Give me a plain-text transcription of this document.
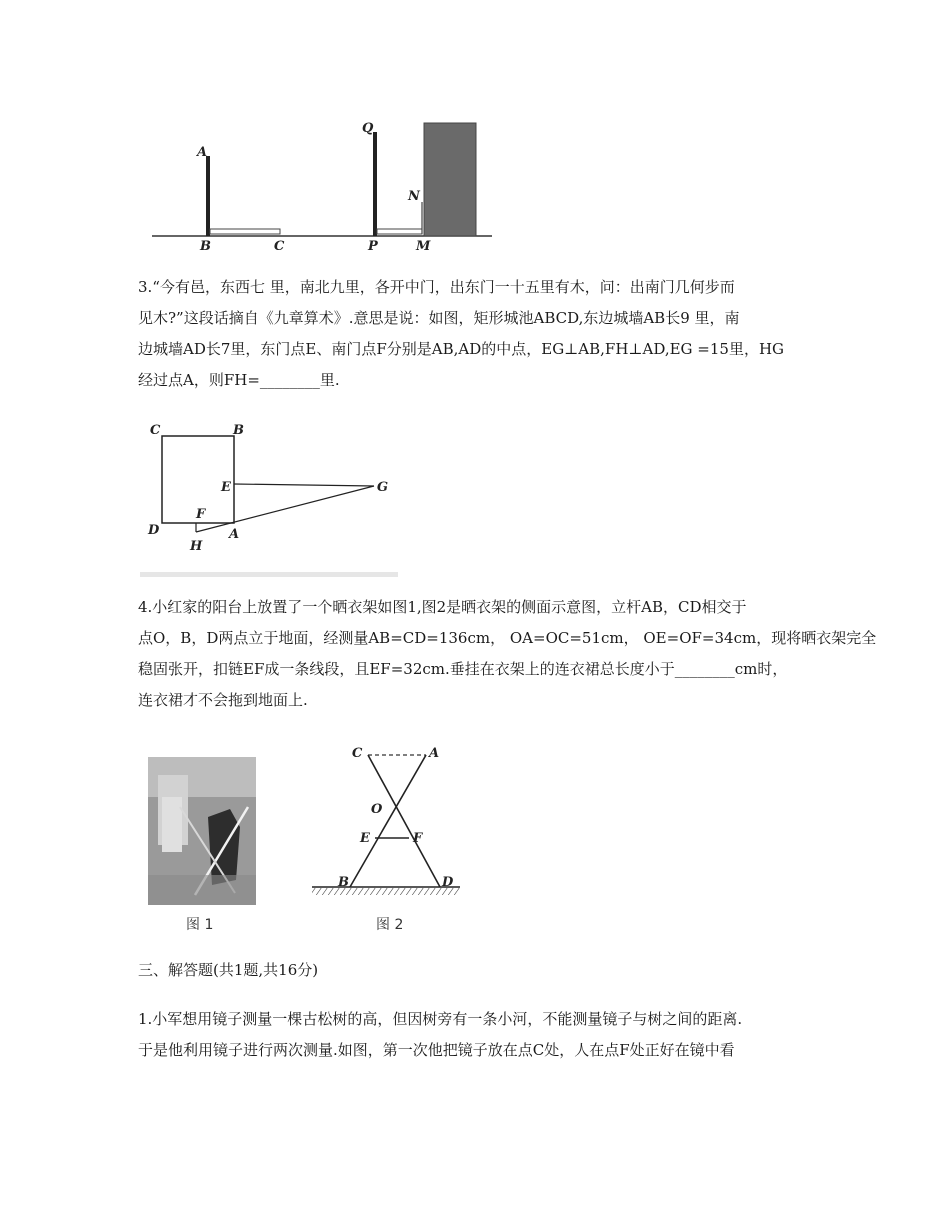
A
B	C
Q
N
P	M

3.“今有邑，东西七 里，南北九里，各开中门，出东门一十五里有木，问：出南门几何步而

见木?”这段话摘自《九章算术》.意思是说：如图，矩形城池ABCD,东边城墙AB长9 里，南

边城墙AD长7里，东门点E、南门点F分别是AB,AD的中点，EG⊥AB,FH⊥AD,EG =15里，HG

经过点A，则FH=________里.

C	B
E	G
D
F
A
H

4.小红家的阳台上放置了一个晒衣架如图1,图2是晒衣架的侧面示意图，立杆AB，CD相交于

点O，B，D两点立于地面，经测量AB=CD=136cm， OA=OC=51cm， OE=OF=34cm，现将晒衣架完全

稳固张开，扣链EF成一条线段，且EF=32cm.垂挂在衣架上的连衣裙总长度小于________cm时，

连衣裙才不会拖到地面上.

图 1
C	A
O
E	F
B	D
图 2

三、解答题(共1题,共16分)

1.小军想用镜子测量一棵古松树的高，但因树旁有一条小河，不能测量镜子与树之间的距离.

于是他利用镜子进行两次测量.如图，第一次他把镜子放在点C处，人在点F处正好在镜中看
